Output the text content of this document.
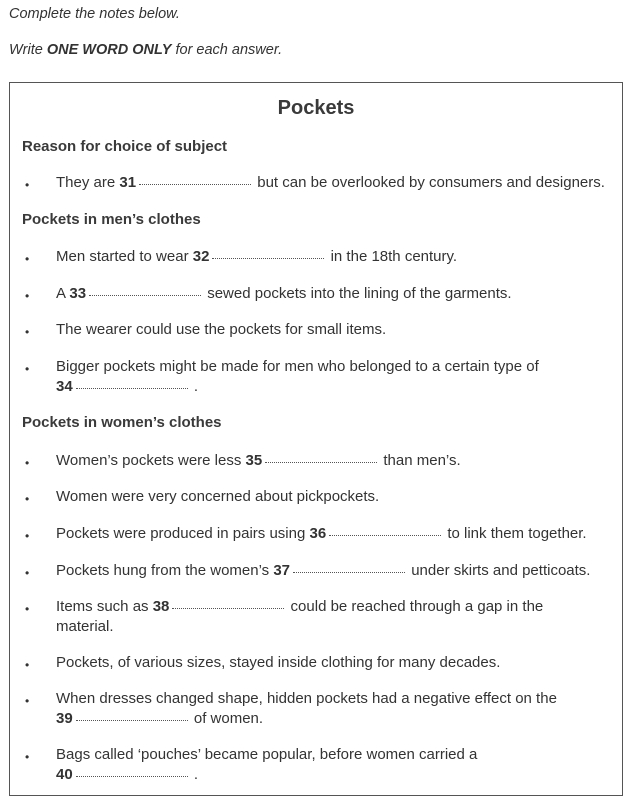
Complete the notes below.
Write ONE WORD ONLY for each answer.
Pockets
Reason for choice of subject
• They are 31	but can be overlooked by consumers and designers.
Pockets in men’s clothes
• Men started to wear 32	in the 18th century.
• A 33	sewed pockets into the lining of the garments.
• The wearer could use the pockets for small items.
• Bigger pockets might be made for men who belonged to a certain type of
34	.
Pockets in women’s clothes
• Women’s pockets were less 35	than men’s.
• Women were very concerned about pickpockets.
• Pockets were produced in pairs using 36	to link them together.
• Pockets hung from the women’s 37	under skirts and petticoats.
• Items such as 38	could be reached through a gap in the
material.
• Pockets, of various sizes, stayed inside clothing for many decades.
• When dresses changed shape, hidden pockets had a negative effect on the
39	of women.
• Bags called ‘pouches’ became popular, before women carried a
40	.
